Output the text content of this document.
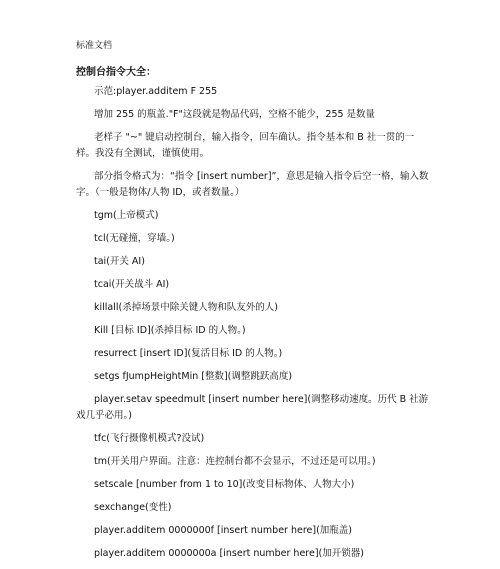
标准文档
控制台指令大全：

示范:player.additem F 255

增加 255 的瓶盖."F"这段就是物品代码，空格不能少，255 是数量

老样子 "~" 键启动控制台，输入指令，回车确认。指令基本和 B 社一贯的一样。我没有全测试，谨慎使用。

部分指令格式为：“指令 [insert number]”，意思是输入指令后空一格，输入数字。（一般是物体/人物 ID，或者数量。）

tgm(上帝模式)

tcl(无碰撞，穿墙。)

tai(开关 AI)

tcai(开关战斗 AI)

killall(杀掉场景中除关键人物和队友外的人)

Kill [目标 ID](杀掉目标 ID 的人物。)

resurrect [insert ID](复活目标 ID 的人物。)

setgs fJumpHeightMin [整数](调整跳跃高度)

player.setav speedmult [insert number here](调整移动速度。历代 B 社游戏几乎必用。)

tfc(飞行摄像机模式?没试)

tm(开关用户界面。注意：连控制台都不会显示，不过还是可以用。)

setscale [number from 1 to 10](改变目标物体、人物大小)

sexchange(变性)

player.additem 0000000f [insert number here](加瓶盖)

player.additem 0000000a [insert number here](加开锁器)
